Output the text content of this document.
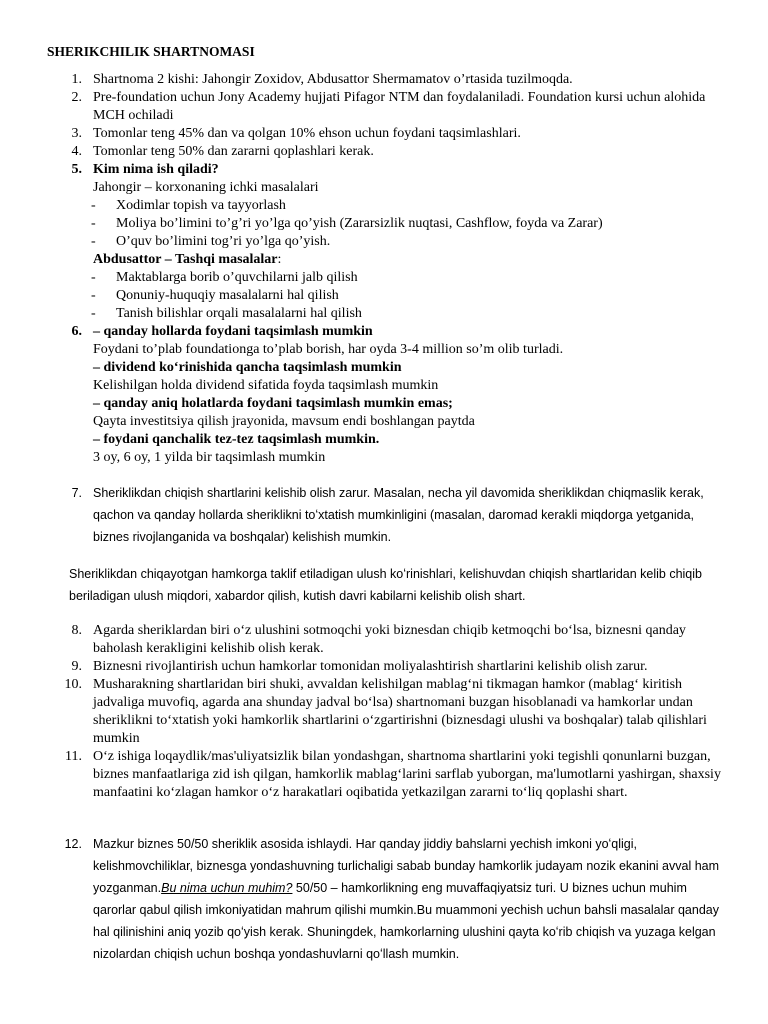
SHERIKCHILIK SHARTNOMASI
1. Shartnoma 2 kishi: Jahongir Zoxidov, Abdusattor Shermamatov o’rtasida tuzilmoqda.
2. Pre-foundation uchun Jony Academy hujjati Pifagor NTM dan foydalaniladi. Foundation kursi uchun alohida MCH ochiladi
3. Tomonlar teng 45% dan va qolgan 10% ehson uchun foydani taqsimlashlari.
4. Tomonlar teng 50% dan zararni qoplashlari kerak.
5. Kim nima ish qiladi?
Jahongir – korxonaning ichki masalalari
- Xodimlar topish va tayyorlash
- Moliya bo’limini to’g’ri yo’lga qo’yish (Zararsizlik nuqtasi, Cashflow, foyda va Zarar)
- O’quv bo’limini tog’ri yo’lga qo’yish.
Abdusattor – Tashqi masalalar:
- Maktablarga borib o’quvchilarni jalb qilish
- Qonuniy-huquqiy masalalarni hal qilish
- Tanish bilishlar orqali masalalarni hal qilish
6. – qanday hollarda foydani taqsimlash mumkin
Foydani to’plab foundationga to’plab borish, har oyda 3-4 million so’m olib turladi.
– dividend ko‘rinishida qancha taqsimlash mumkin
Kelishilgan holda dividend sifatida foyda taqsimlash mumkin
– qanday aniq holatlarda foydani taqsimlash mumkin emas;
Qayta investitsiya qilish jrayonida, mavsum endi boshlangan paytda
– foydani qanchalik tez-tez taqsimlash mumkin.
3 oy, 6 oy, 1 yilda bir taqsimlash mumkin
7. Sheriklikdan chiqish shartlarini kelishib olish zarur. Masalan, necha yil davomida sheriklikdan chiqmaslik kerak, qachon va qanday hollarda sheriklikni toʻxtatish mumkinligini (masalan, daromad kerakli miqdorga yetganida, biznes rivojlanganida va boshqalar) kelishish mumkin.
Sheriklikdan chiqayotgan hamkorga taklif etiladigan ulush koʻrinishlari, kelishuvdan chiqish shartlaridan kelib chiqib beriladigan ulush miqdori, xabardor qilish, kutish davri kabilarni kelishib olish shart.
8. Agarda sheriklardan biri o‘z ulushini sotmoqchi yoki biznesdan chiqib ketmoqchi bo‘lsa, biznesni qanday baholash kerakligini kelishib olish kerak.
9. Biznesni rivojlantirish uchun hamkorlar tomonidan moliyalashtirish shartlarini kelishib olish zarur.
10. Musharakning shartlaridan biri shuki, avvaldan kelishilgan mablag‘ni tikmagan hamkor (mablag‘ kiritish jadvaliga muvofiq, agarda ana shunday jadval bo‘lsa) shartnomani buzgan hisoblanadi va hamkorlar undan sheriklikni to‘xtatish yoki hamkorlik shartlarini o‘zgartirishni (biznesdagi ulushi va boshqalar) talab qilishlari mumkin
11. O‘z ishiga loqaydlik/mas'uliyatsizlik bilan yondashgan, shartnoma shartlarini yoki tegishli qonunlarni buzgan, biznes manfaatlariga zid ish qilgan, hamkorlik mablag‘larini sarflab yuborgan, ma'lumotlarni yashirgan, shaxsiy manfaatini ko‘zlagan hamkor o‘z harakatlari oqibatida yetkazilgan zararni to‘liq qoplashi shart.
12. Mazkur biznes 50/50 sheriklik asosida ishlaydi. Har qanday jiddiy bahslarni yechish imkoni yoʻqligi, kelishmovchiliklar, biznesga yondashuvning turlichaligi sabab bunday hamkorlik judayam nozik ekanini avval ham yozganman.Bu nima uchun muhim? 50/50 – hamkorlikning eng muvaffaqiyatsiz turi. U biznes uchun muhim qarorlar qabul qilish imkoniyatidan mahrum qilishi mumkin.Bu muammoni yechish uchun bahsli masalalar qanday hal qilinishini aniq yozib qoʻyish kerak. Shuningdek, hamkorlarning ulushini qayta koʻrib chiqish va yuzaga kelgan nizolardan chiqish uchun boshqa yondashuvlarni qoʻllash mumkin.
